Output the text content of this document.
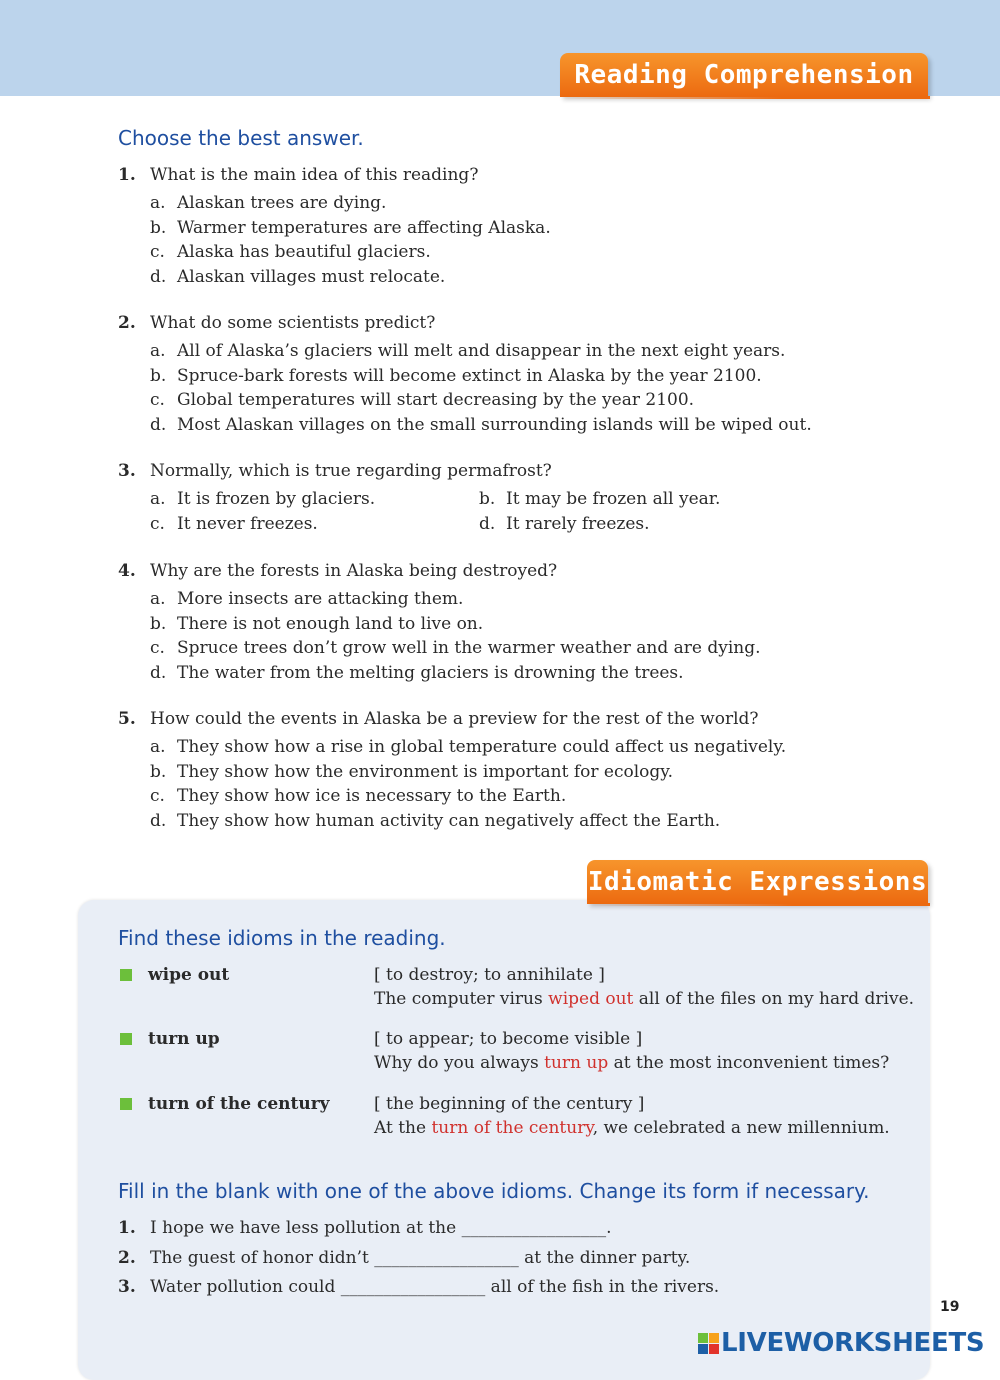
Reading Comprehension
Choose the best answer.
1. What is the main idea of this reading?
a. Alaskan trees are dying.
b. Warmer temperatures are affecting Alaska.
c. Alaska has beautiful glaciers.
d. Alaskan villages must relocate.
2. What do some scientists predict?
a. All of Alaska’s glaciers will melt and disappear in the next eight years.
b. Spruce-bark forests will become extinct in Alaska by the year 2100.
c. Global temperatures will start decreasing by the year 2100.
d. Most Alaskan villages on the small surrounding islands will be wiped out.
3. Normally, which is true regarding permafrost?
a. It is frozen by glaciers.	b. It may be frozen all year.
c. It never freezes.	d. It rarely freezes.
4. Why are the forests in Alaska being destroyed?
a. More insects are attacking them.
b. There is not enough land to live on.
c. Spruce trees don’t grow well in the warmer weather and are dying.
d. The water from the melting glaciers is drowning the trees.
5. How could the events in Alaska be a preview for the rest of the world?
a. They show how a rise in global temperature could affect us negatively.
b. They show how the environment is important for ecology.
c. They show how ice is necessary to the Earth.
d. They show how human activity can negatively affect the Earth.
Idiomatic Expressions
Find these idioms in the reading.
wipe out	[ to destroy; to annihilate ]
The computer virus wiped out all of the files on my hard drive.
turn up	[ to appear; to become visible ]
Why do you always turn up at the most inconvenient times?
turn of the century	[ the beginning of the century ]
At the turn of the century, we celebrated a new millennium.
Fill in the blank with one of the above idioms. Change its form if necessary.
1. I hope we have less pollution at the _________________.
2. The guest of honor didn’t _________________ at the dinner party.
3. Water pollution could _________________ all of the fish in the rivers.
19
LIVEWORKSHEETS
